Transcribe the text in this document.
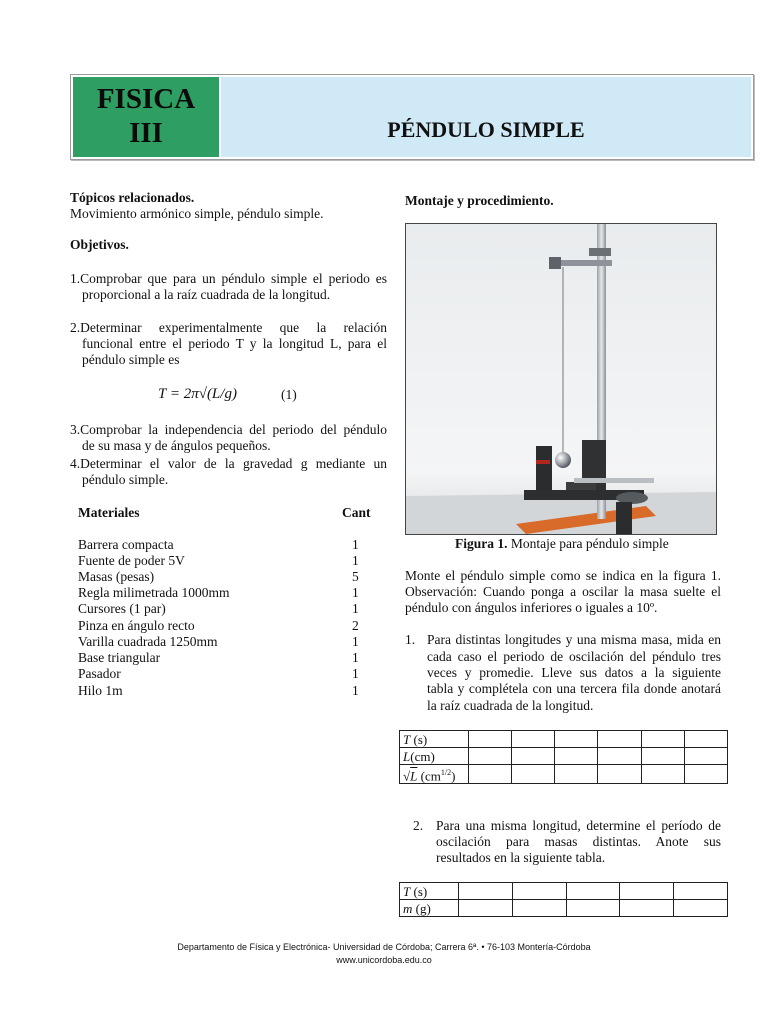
FISICA
III	PÉNDULO SIMPLE
Tópicos relacionados.
Movimiento armónico simple, péndulo simple.
Objetivos.
1.Comprobar que para un péndulo simple el periodo es
proporcional a la raíz cuadrada de la longitud.
2.Determinar experimentalmente que la relación
funcional entre el periodo T y la longitud L, para el
péndulo simple es
T = 2π√(L/g)	(1)
3.Comprobar la independencia del periodo del péndulo
de su masa y de ángulos pequeños.
4.Determinar el valor de la gravedad g mediante un
péndulo simple.
Materiales	Cant
Barrera compacta	1
Fuente de poder 5V	1
Masas (pesas)	5
Regla milimetrada 1000mm	1
Cursores (1 par)	1
Pinza en ángulo recto	2
Varilla cuadrada 1250mm	1
Base triangular	1
Pasador	1
Hilo 1m	1
Montaje y procedimiento.
Figura 1. Montaje para péndulo simple
Monte el péndulo simple como se indica en la figura 1.
Observación: Cuando ponga a oscilar la masa suelte el
péndulo con ángulos inferiores o iguales a 10º.
1. Para distintas longitudes y una misma masa, mida en
cada caso el periodo de oscilación del péndulo tres
veces y promedie. Lleve sus datos a la siguiente
tabla y complétela con una tercera fila donde anotará
la raíz cuadrada de la longitud.
T (s)						
L(cm)						
√L $(cm^{1/2})$						
2. Para una misma longitud, determine el período de
oscilación para masas distintas. Anote sus
resultados en la siguiente tabla.
T (s)					
m (g)					
Departamento de Física y Electrónica- Universidad de Córdoba; Carrera 6ª. • 76-103 Montería-Córdoba
www.unicordoba.edu.co
